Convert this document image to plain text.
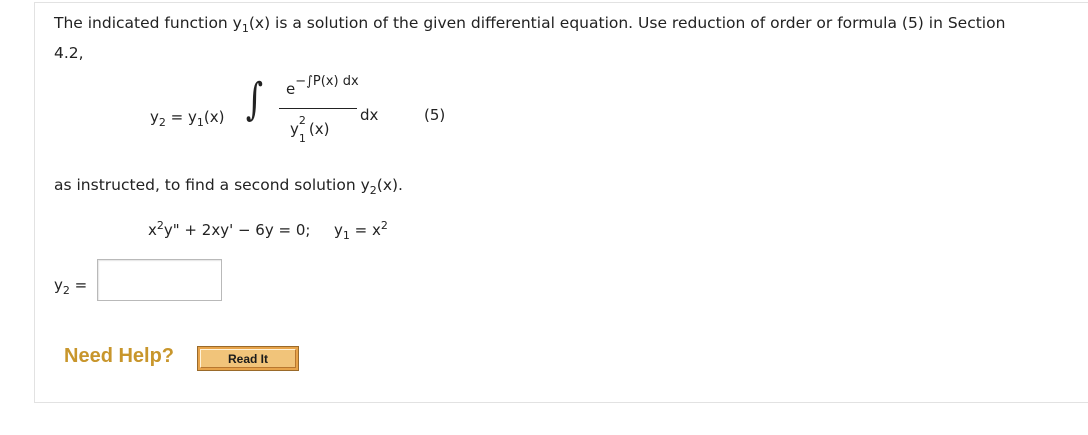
The indicated function $y_1(x)$ is a solution of the given differential equation. Use reduction of order or formula (5) in Section
4.2,
$y_2 = y_1(x)$ ∫ $e^{-\int P(x) dx}$
y 2
1
(x)
dx	(5)
as instructed, to find a second solution $y_2(x)$.
$x^2y$" + 2xy' − 6y = 0; $y_1 = x^2$
$y_2$ =
Need Help?	Read It
